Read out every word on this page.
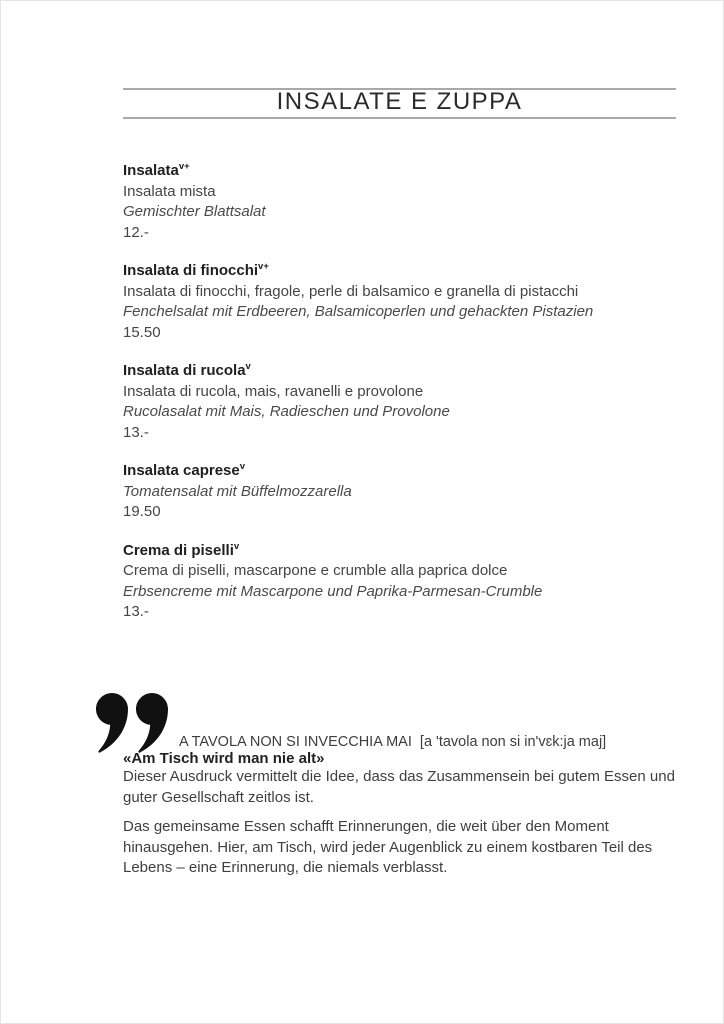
INSALATE E ZUPPA
Insalata$^{v+}$

Insalata mista

Gemischter Blattsalat

12.-

Insalata di finocchi$^{v+}$

Insalata di finocchi, fragole, perle di balsamico e granella di pistacchi

Fenchelsalat mit Erdbeeren, Balsamicoperlen und gehackten Pistazien

15.50

Insalata di rucola$^v$

Insalata di rucola, mais, ravanelli e provolone

Rucolasalat mit Mais, Radieschen und Provolone

13.-

Insalata caprese$^v$

Tomatensalat mit Büffelmozzarella

19.50

Crema di piselli$^v$

Crema di piselli, mascarpone e crumble alla paprica dolce

Erbsencreme mit Mascarpone und Paprika-Parmesan-Crumble

13.-

A TAVOLA NON SI INVECCHIA MAI  [a 'tavola non si in'vɛk:ja maj]

«Am Tisch wird man nie alt»

Dieser Ausdruck vermittelt die Idee, dass das Zusammensein bei gutem Essen und guter Gesellschaft zeitlos ist.

Das gemeinsame Essen schafft Erinnerungen, die weit über den Moment hinausgehen. Hier, am Tisch, wird jeder Augenblick zu einem kostbaren Teil des Lebens – eine Erinnerung, die niemals verblasst.
